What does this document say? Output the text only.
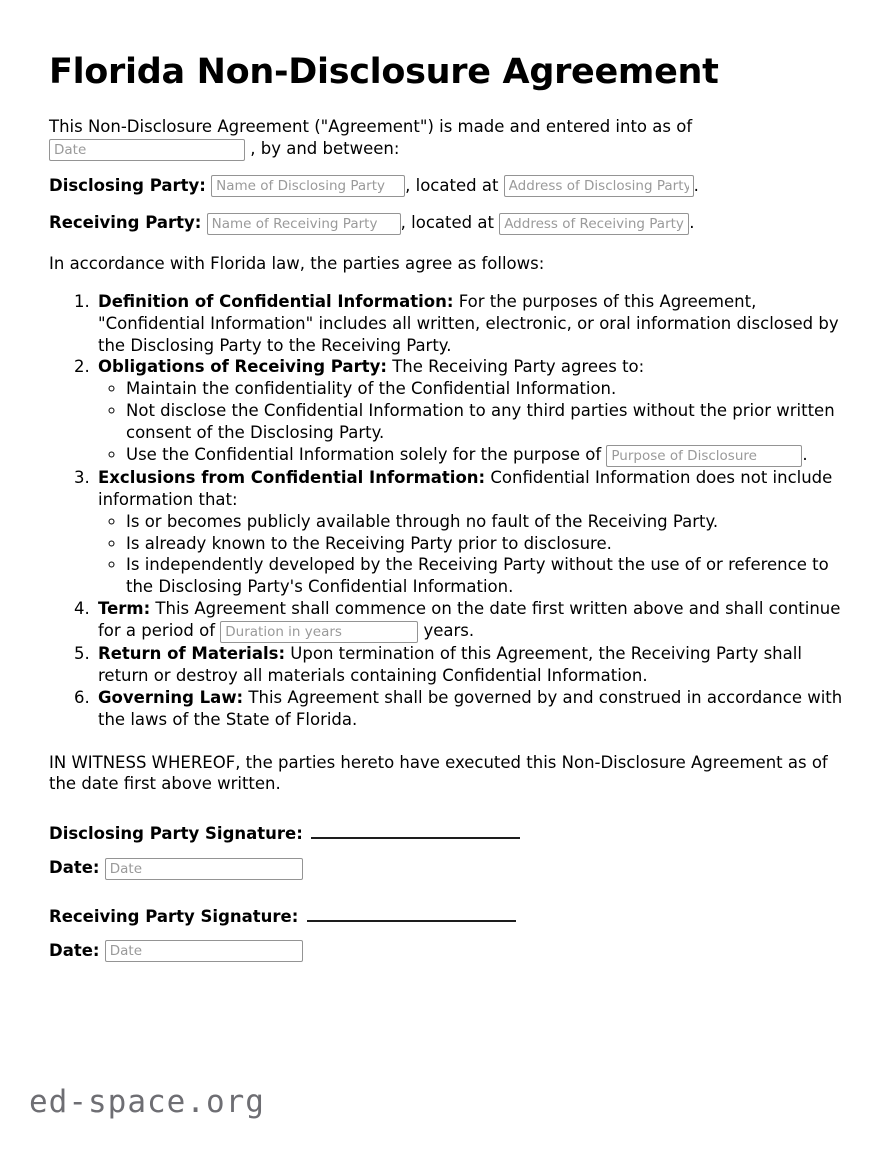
Florida Non-Disclosure Agreement

This Non-Disclosure Agreement ("Agreement") is made and entered into as of
Date , by and between:

Disclosing Party: Name of Disclosing Party	, located at Address of Disclosing Party	.

Receiving Party: Name of Receiving Party	, located at Address of Receiving Party	.

In accordance with Florida law, the parties agree as follows:

1. Definition of Confidential Information: For the purposes of this Agreement, "Confidential Information" includes all written, electronic, or oral information disclosed by the Disclosing Party to the Receiving Party.
2. Obligations of Receiving Party: The Receiving Party agrees to:
◦ Maintain the confidentiality of the Confidential Information.
◦ Not disclose the Confidential Information to any third parties without the prior written consent of the Disclosing Party.
◦ Use the Confidential Information solely for the purpose of Purpose of Disclosure	.
3. Exclusions from Confidential Information: Confidential Information does not include information that:
◦ Is or becomes publicly available through no fault of the Receiving Party.
◦ Is already known to the Receiving Party prior to disclosure.
◦ Is independently developed by the Receiving Party without the use of or reference to the Disclosing Party's Confidential Information.
4. Term: This Agreement shall commence on the date first written above and shall continue for a period of Duration in years	years.
5. Return of Materials: Upon termination of this Agreement, the Receiving Party shall return or destroy all materials containing Confidential Information.
6. Governing Law: This Agreement shall be governed by and construed in accordance with the laws of the State of Florida.

IN WITNESS WHEREOF, the parties hereto have executed this Non-Disclosure Agreement as of the date first above written.

Disclosing Party Signature:
Date: Date
Receiving Party Signature:
Date: Date
ed-space.org
